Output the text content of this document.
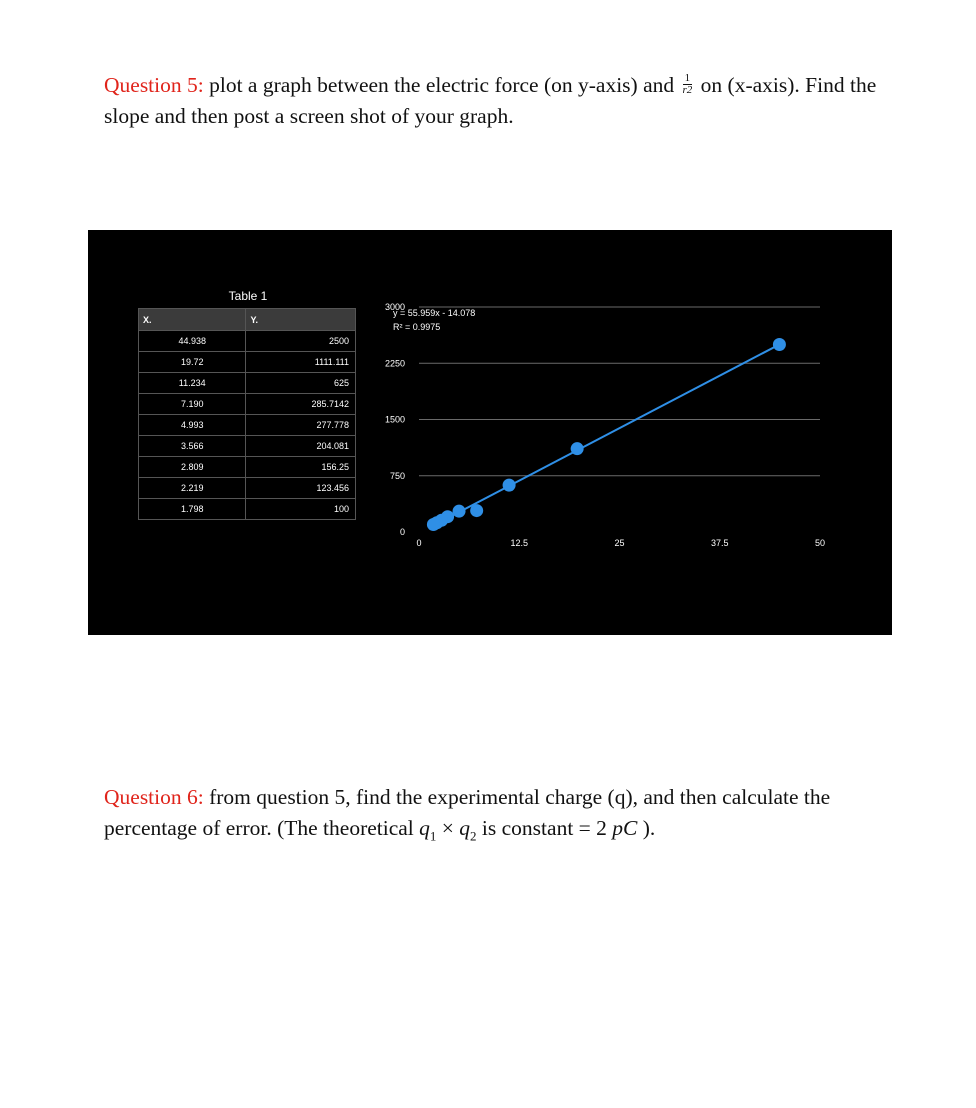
Question 5: plot a graph between the electric force (on y-axis) and $\frac{1}{r2}$ on (x-axis). Find the slope and then post a screen shot of your graph.
Table 1
X.	Y.
44.938	2500
19.72	1111.111
11.234	625
7.190	285.7142
4.993	277.778
3.566	204.081
2.809	156.25
2.219	123.456
1.798	100
3000
2250
1500
750
0
0	12.5	25	37.5	50
y = 55.959x - 14.078
R² = 0.9975
Question 6: from question 5, find the experimental charge (q), and then calculate the percentage of error. (The theoretical $q_1 \times q_2$ is constant = 2 pC ).
